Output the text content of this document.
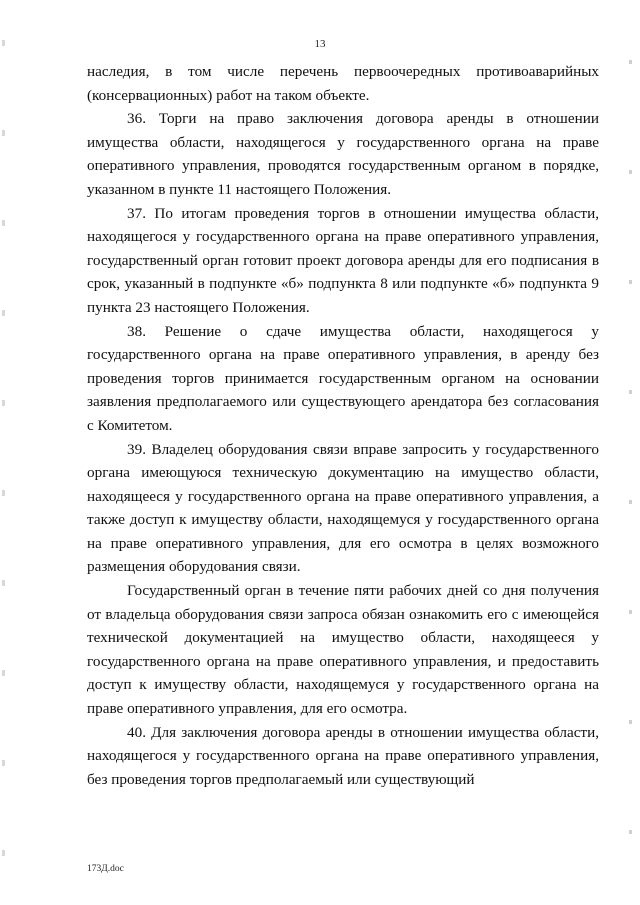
13

наследия, в том числе перечень первоочередных противоаварийных (консервационных) работ на таком объекте.

36. Торги на право заключения договора аренды в отношении имущества области, находящегося у государственного органа на праве оперативного управления, проводятся государственным органом в порядке, указанном в пункте 11 настоящего Положения.

37. По итогам проведения торгов в отношении имущества области, находящегося у государственного органа на праве оперативного управления, государственный орган готовит проект договора аренды для его подписания в срок, указанный в подпункте «б» подпункта 8 или подпункте «б» подпункта 9 пункта 23 настоящего Положения.

38. Решение о сдаче имущества области, находящегося у государственного органа на праве оперативного управления, в аренду без проведения торгов принимается государственным органом на основании заявления предполагаемого или существующего арендатора без согласования с Комитетом.

39. Владелец оборудования связи вправе запросить у государственного органа имеющуюся техническую документацию на имущество области, находящееся у государственного органа на праве оперативного управления, а также доступ к имуществу области, находящемуся у государственного органа на праве оперативного управления, для его осмотра в целях возможного размещения оборудования связи.

Государственный орган в течение пяти рабочих дней со дня получения от владельца оборудования связи запроса обязан ознакомить его с имеющейся технической документацией на имущество области, находящееся у государственного органа на праве оперативного управления, и предоставить доступ к имуществу области, находящемуся у государственного органа на праве оперативного управления, для его осмотра.

40. Для заключения договора аренды в отношении имущества области, находящегося у государственного органа на праве оперативного управления, без проведения торгов предполагаемый или существующий

173Д.doc
